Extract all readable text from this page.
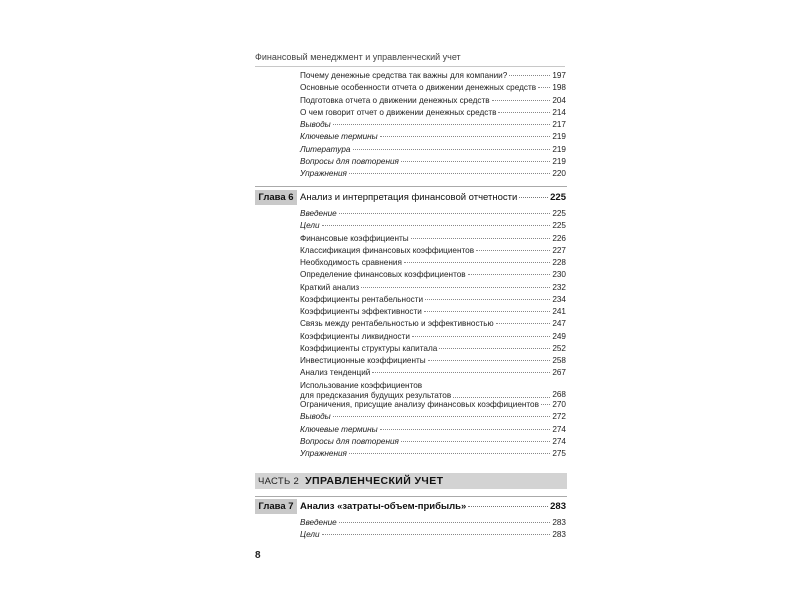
Финансовый менеджмент и управленческий учет
Почему денежные средства так важны для компании?	197
Основные особенности отчета о движении денежных средств 198
Подготовка отчета о движении денежных средств	204
О чем говорит отчет о движении денежных средств	214
Выводы	217
Ключевые термины	219
Литература	219
Вопросы для повторения	219
Упражнения	220
Глава 6 Анализ и интерпретация финансовой отчетности	225
Введение	225
Цели	225
Финансовые коэффициенты	226
Классификация финансовых коэффициентов	227
Необходимость сравнения	228
Определение финансовых коэффициентов	230
Краткий анализ	232
Коэффициенты рентабельности	234
Коэффициенты эффективности	241
Связь между рентабельностью и эффективностью	247
Коэффициенты ликвидности	249
Коэффициенты структуры капитала	252
Инвестиционные коэффициенты	258
Анализ тенденций	267
Использование коэффициентов
для предсказания будущих результатов	268
Ограничения, присущие анализу финансовых коэффициентов 270
Выводы	272
Ключевые термины	274
Вопросы для повторения	274
Упражнения	275
ЧАСТЬ 2 УПРАВЛЕНЧЕСКИЙ УЧЕТ
Глава 7 Анализ «затраты-объем-прибыль»	283
Введение	283
Цели	283
8
